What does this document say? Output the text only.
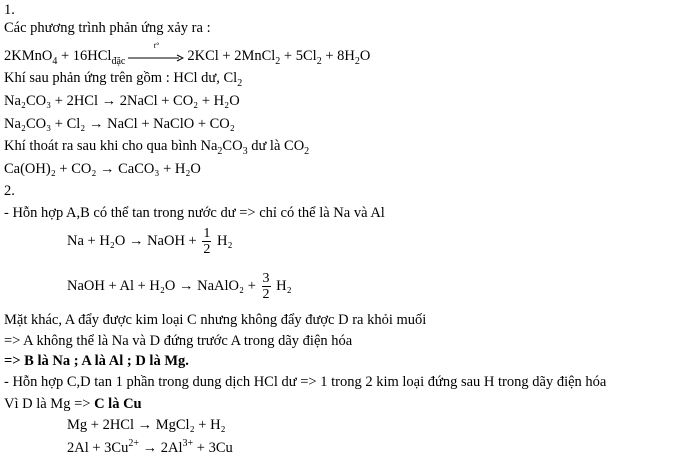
1.
Các phương trình phản ứng xảy ra :
2KMnO$_4$ + 16HCl$_{đặc}$
t°
2KCl + 2MnCl$_2$ + $5Cl_2 + 8H_2O$
Khí sau phản ứng trên gồm : HCl dư, $Cl_2$
Na₂CO₃ + 2HCl → 2NaCl + CO₂ + H₂O
Na₂CO₃ + Cl₂ → NaCl + NaClO + CO₂
Khí thoát ra sau khi cho qua bình $Na_2CO_3$ dư là $CO_2$
Ca(OH)₂ + CO₂ → CaCO₃ + H₂O
2.
- Hỗn hợp A,B có thể tan trong nước dư => chỉ có thể là Na và Al
Na + H₂O → NaOH + $\frac{1}{2} H_2$
NaOH + Al + H₂O → NaAlO₂ + $\frac{3}{2} H_2$
Mặt khác, A đẩy được kim loại C nhưng không đẩy được D ra khỏi muối
=> A không thể là Na và D đứng trước A trong dãy điện hóa
=> B là Na ; A là Al ; D là Mg.
- Hỗn hợp C,D tan 1 phần trong dung dịch HCl dư => 1 trong 2 kim loại đứng sau H trong dãy điện hóa
Vì D là Mg => C là Cu
Mg + 2HCl → MgCl₂ + H₂
$2Al + 3Cu^{2+} \to 2Al^{3+} + 3Cu$
